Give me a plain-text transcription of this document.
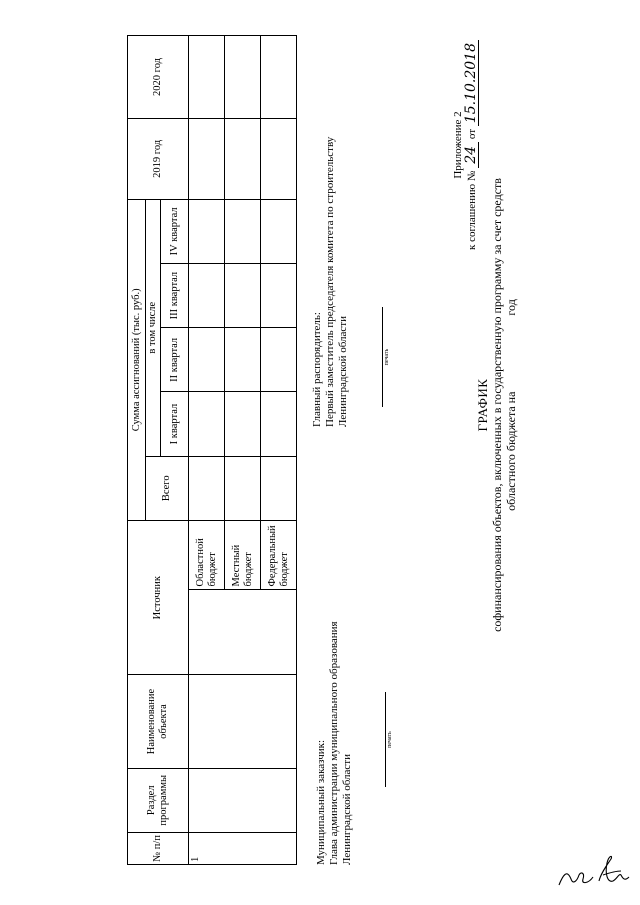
Приложение 2
к соглашению № 24 от 15.10.2018
ГРАФИК софинансирования объектов, включенных в государственную программу за счет средств областного бюджета на  год
№ п/п	Раздел программы	Наименование объекта	Источник		Сумма ассигнований (тыс. руб.)					2019 год	2020 год
					Всего	в том числе					
						I квартал	II квартал	III квартал	IV квартал		
1				Областной бюджет							
				Местный бюджет							
				Федеральный бюджет							
Муниципальный заказчик: Глава администрации муниципального образования Ленинградской области
печать
Главный распорядитель: Первый заместитель председателя комитета по строительству Ленинградской области	печать
